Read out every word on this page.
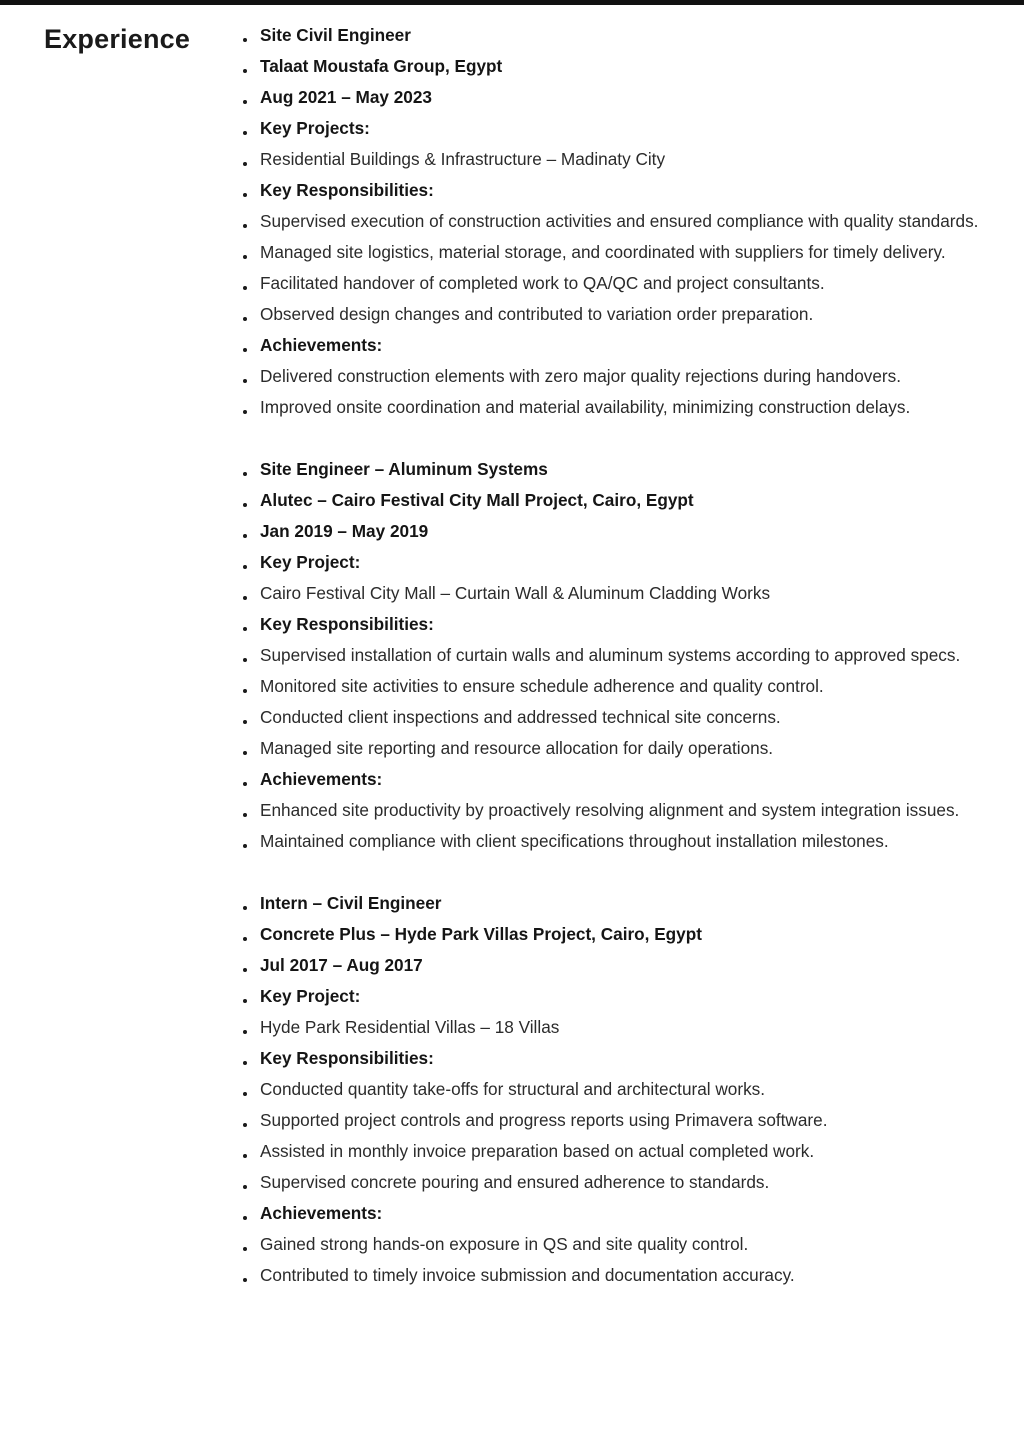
Experience	Site Civil Engineer
Talaat Moustafa Group, Egypt
Aug 2021 – May 2023
Key Projects:
Residential Buildings & Infrastructure – Madinaty City
Key Responsibilities:
Supervised execution of construction activities and ensured compliance with quality standards.
Managed site logistics, material storage, and coordinated with suppliers for timely delivery.
Facilitated handover of completed work to QA/QC and project consultants.
Observed design changes and contributed to variation order preparation.
Achievements:
Delivered construction elements with zero major quality rejections during handovers.
Improved onsite coordination and material availability, minimizing construction delays.
Site Engineer – Aluminum Systems
Alutec – Cairo Festival City Mall Project, Cairo, Egypt
Jan 2019 – May 2019
Key Project:
Cairo Festival City Mall – Curtain Wall & Aluminum Cladding Works
Key Responsibilities:
Supervised installation of curtain walls and aluminum systems according to approved specs.
Monitored site activities to ensure schedule adherence and quality control.
Conducted client inspections and addressed technical site concerns.
Managed site reporting and resource allocation for daily operations.
Achievements:
Enhanced site productivity by proactively resolving alignment and system integration issues.
Maintained compliance with client specifications throughout installation milestones.
Intern – Civil Engineer
Concrete Plus – Hyde Park Villas Project, Cairo, Egypt
Jul 2017 – Aug 2017
Key Project:
Hyde Park Residential Villas – 18 Villas
Key Responsibilities:
Conducted quantity take-offs for structural and architectural works.
Supported project controls and progress reports using Primavera software.
Assisted in monthly invoice preparation based on actual completed work.
Supervised concrete pouring and ensured adherence to standards.
Achievements:
Gained strong hands-on exposure in QS and site quality control.
Contributed to timely invoice submission and documentation accuracy.
